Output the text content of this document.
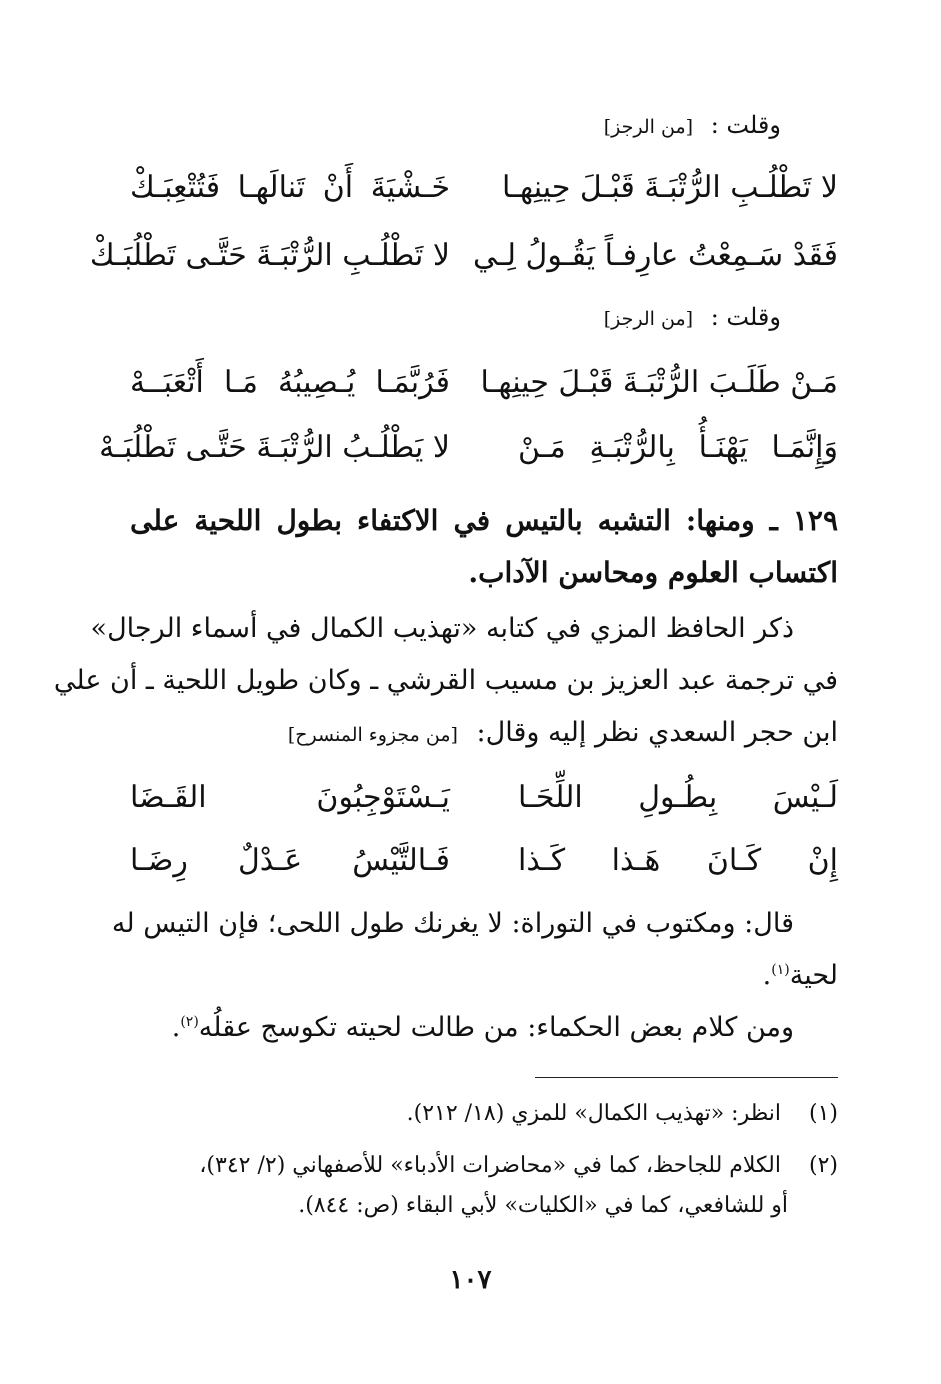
وقلت : [من الرجز]
لا تَطْلُـبِ الرُّتْبَـةَ قَبْـلَ حِينِهـا
خَـشْيَةَ أَنْ تَنالَهـا فَتُتْعِبَـكْ
فَقَدْ سَـمِعْتُ عارِفـاً يَقُـولُ لِـي
لا تَطْلُـبِ الرُّتْبَـةَ حَتَّـى تَطْلُبَـكْ
وقلت : [من الرجز]
مَـنْ طَلَـبَ الرُّتْبَـةَ قَبْـلَ حِينِهـا
فَرُبَّمَـا يُـصِيبُهُ مَـا أَتْعَبَــهْ
وَإِنَّمَـا يَهْنَـأُ بِالرُّتْبَـةِ مَـنْ
لا يَطْلُـبُ الرُّتْبَـةَ حَتَّـى تَطْلُبَـهْ
١٢٩ ـ ومنها: التشبه بالتيس في الاكتفاء بطول اللحية على
اكتساب العلوم ومحاسن الآداب.
ذكر الحافظ المزي في كتابه «تهذيب الكمال في أسماء الرجال»
في ترجمة عبد العزيز بن مسيب القرشي ـ وكان طويل اللحية ـ أن علي
ابن حجر السعدي نظر إليه وقال: [من مجزوء المنسرح]
لَـيْسَ بِطُـولِ اللِّحَـا
يَـسْتَوْجِبُونَ القَـضَا
إِنْ كَـانَ هَـذا كَـذا
فَـالتَّيْسُ عَـدْلٌ رِضَـا
قال: ومكتوب في التوراة: لا يغرنك طول اللحى؛ فإن التيس له
لحية$^{(١)}$.
ومن كلام بعض الحكماء: من طالت لحيته تكوسج عقلُه$^{(٢)}$.
(١) انظر: «تهذيب الكمال» للمزي (١٨/ ٢١٢).
(٢) الكلام للجاحظ، كما في «محاضرات الأدباء» للأصفهاني (٢/ ٣٤٢)،
أو للشافعي، كما في «الكليات» لأبي البقاء (ص: ٨٤٤).
١٠٧
